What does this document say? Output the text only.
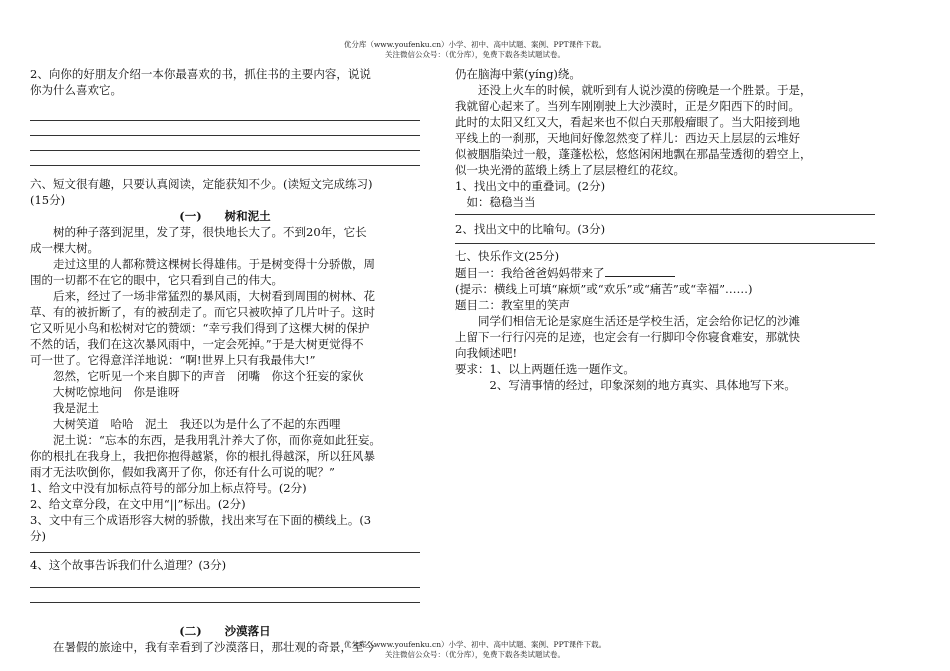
优分库（www.youfenku.cn）小学、初中、高中试题、案例、PPT课件下载。
关注微信公众号：（优分库），免费下载各类试题试卷。
2、向你的好朋友介绍一本你最喜欢的书，抓住书的主要内容，说说
你为什么喜欢它。
六、短文很有趣，只要认真阅读，定能获知不少。(读短文完成练习)
(15分)
(一)　　树和泥土
　　树的种子落到泥里，发了芽，很快地长大了。不到20年，它长
成一棵大树。
　　走过这里的人都称赞这棵树长得雄伟。于是树变得十分骄傲，周
围的一切都不在它的眼中，它只看到自己的伟大。
　　后来，经过了一场非常猛烈的暴风雨，大树看到周围的树林、花
草、有的被折断了，有的被刮走了。而它只被吹掉了几片叶子。这时
它又听见小鸟和松树对它的赞颂：“幸亏我们得到了这棵大树的保护
不然的话，我们在这次暴风雨中，一定会死掉。”于是大树更觉得不
可一世了。它得意洋洋地说：“啊!世界上只有我最伟大!”
　　忽然，它听见一个来自脚下的声音　闭嘴　你这个狂妄的家伙
　　大树吃惊地问　你是谁呀
　　我是泥土
　　大树笑道　哈哈　泥土　我还以为是什么了不起的东西哩
　　泥土说：“忘本的东西，是我用乳汁养大了你，而你竟如此狂妄。
你的根扎在我身上，我把你抱得越紧，你的根扎得越深，所以狂风暴
雨才无法吹倒你，假如我离开了你，你还有什么可说的呢？”
1、给文中没有加标点符号的部分加上标点符号。(2分)
2、给文章分段，在文中用“||”标出。(2分)
3、文中有三个成语形容大树的骄傲，找出来写在下面的横线上。(3
分)
4、这个故事告诉我们什么道理？(3分)
(二)　　沙漠落日
　　在暑假的旅途中，我有幸看到了沙漠落日，那壮观的奇景，至今
仍在脑海中萦(yíng)绕。
　　还没上火车的时候，就听到有人说沙漠的傍晚是一个胜景。于是，
我就留心起来了。当列车刚刚驶上大沙漠时，正是夕阳西下的时间。
此时的太阳又红又大，看起来也不似白天那般瘤眼了。当大阳接到地
平线上的一刹那，天地间好像忽然变了样儿：西边天上层层的云堆好
似被胭脂染过一般，蓬蓬松松，悠悠闲闲地飘在那晶莹透彻的碧空上，
似一块光滑的蓝缎上绣上了层层橙红的花纹。
1、找出文中的重叠词。(2分)
　如：稳稳当当
2、找出文中的比喻句。(3分)
七、快乐作文(25分)
题目一：我给爸爸妈妈带来了
(提示：横线上可填“麻烦”或“欢乐”或“痛苦”或“幸福”……)
题目二：教室里的笑声
　　同学们相信无论是家庭生活还是学校生活，定会给你记忆的沙滩
上留下一行行闪亮的足迹，也定会有一行脚印令你寝食难安，那就快
向我倾述吧!
要求：1、以上两题任选一题作文。
　　　2、写清事情的经过，印象深刻的地方真实、具体地写下来。
优分库（www.youfenku.cn）小学、初中、高中试题、案例、PPT课件下载。
关注微信公众号：（优分库），免费下载各类试题试卷。
